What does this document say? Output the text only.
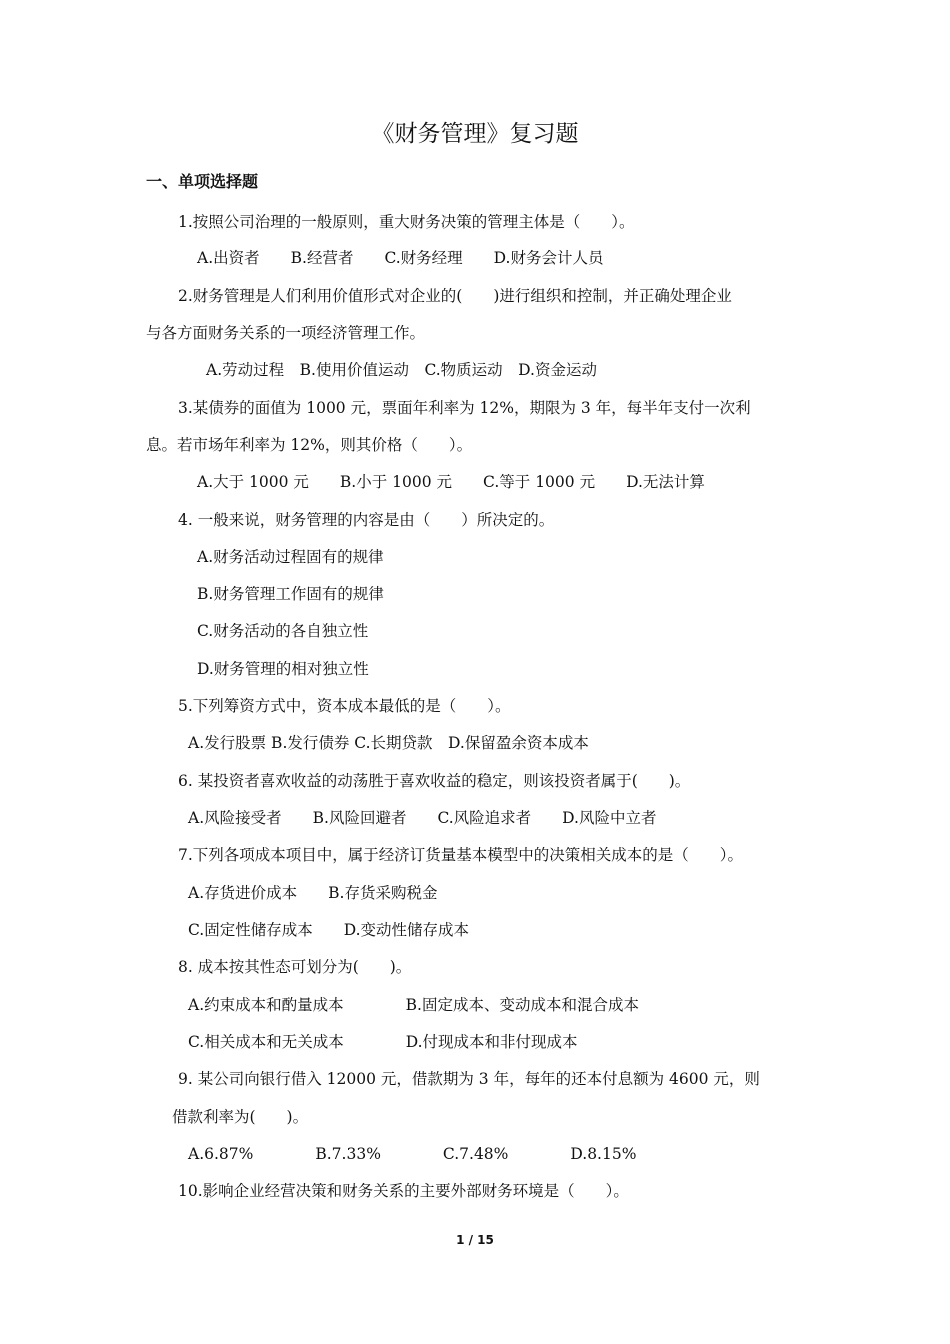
《财务管理》复习题
一、单项选择题
1.按照公司治理的一般原则，重大财务决策的管理主体是（　　）。
A.出资者　　B.经营者　　C.财务经理　　D.财务会计人员
2.财务管理是人们利用价值形式对企业的(　　)进行组织和控制，并正确处理企业
与各方面财务关系的一项经济管理工作。
A.劳动过程　B.使用价值运动　C.物质运动　D.资金运动
3.某债券的面值为 1000 元，票面年利率为 12%，期限为 3 年，每半年支付一次利
息。若市场年利率为 12%，则其价格（　　）。
A.大于 1000 元　　B.小于 1000 元　　C.等于 1000 元　　D.无法计算
4. 一般来说，财务管理的内容是由（　　）所决定的。
A.财务活动过程固有的规律
B.财务管理工作固有的规律
C.财务活动的各自独立性
D.财务管理的相对独立性
5.下列筹资方式中，资本成本最低的是（　　）。
A.发行股票 B.发行债券 C.长期贷款　D.保留盈余资本成本
6. 某投资者喜欢收益的动荡胜于喜欢收益的稳定，则该投资者属于(　　)。
A.风险接受者　　B.风险回避者　　C.风险追求者　　D.风险中立者
7.下列各项成本项目中，属于经济订货量基本模型中的决策相关成本的是（　　）。
A.存货进价成本　　B.存货采购税金
C.固定性储存成本　　D.变动性储存成本
8. 成本按其性态可划分为(　　)。
A.约束成本和酌量成本　　　　B.固定成本、变动成本和混合成本
C.相关成本和无关成本　　　　D.付现成本和非付现成本
9. 某公司向银行借入 12000 元，借款期为 3 年，每年的还本付息额为 4600 元，则
借款利率为(　　)。
A.6.87%　　　　B.7.33%　　　　C.7.48%　　　　D.8.15%
10.影响企业经营决策和财务关系的主要外部财务环境是（　　）。
1 / 15
